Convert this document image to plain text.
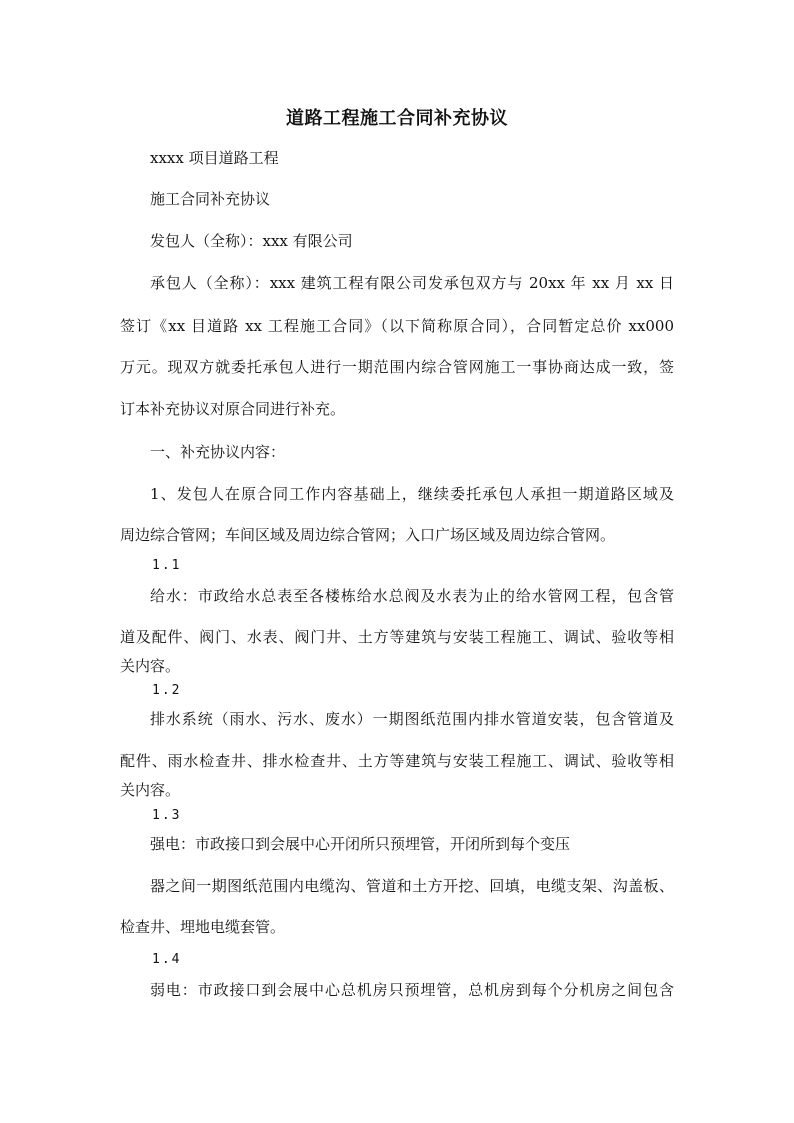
道路工程施工合同补充协议
xxxx 项目道路工程
施工合同补充协议
发包人（全称）：xxx 有限公司
承包人（全称）：xxx 建筑工程有限公司发承包双方与 20xx 年 xx 月 xx 日
签订《xx 目道路 xx 工程施工合同》（以下简称原合同），合同暂定总价 xx000
万元。现双方就委托承包人进行一期范围内综合管网施工一事协商达成一致，签
订本补充协议对原合同进行补充。
一、补充协议内容：
1、发包人在原合同工作内容基础上，继续委托承包人承担一期道路区域及
周边综合管网；车间区域及周边综合管网；入口广场区域及周边综合管网。
1.1
给水：市政给水总表至各楼栋给水总阀及水表为止的给水管网工程，包含管
道及配件、阀门、水表、阀门井、土方等建筑与安装工程施工、调试、验收等相
关内容。
1.2
排水系统（雨水、污水、废水）一期图纸范围内排水管道安装，包含管道及
配件、雨水检查井、排水检查井、土方等建筑与安装工程施工、调试、验收等相
关内容。
1.3
强电：市政接口到会展中心开闭所只预埋管，开闭所到每个变压
器之间一期图纸范围内电缆沟、管道和土方开挖、回填，电缆支架、沟盖板、
检查井、埋地电缆套管。
1.4
弱电：市政接口到会展中心总机房只预埋管，总机房到每个分机房之间包含
